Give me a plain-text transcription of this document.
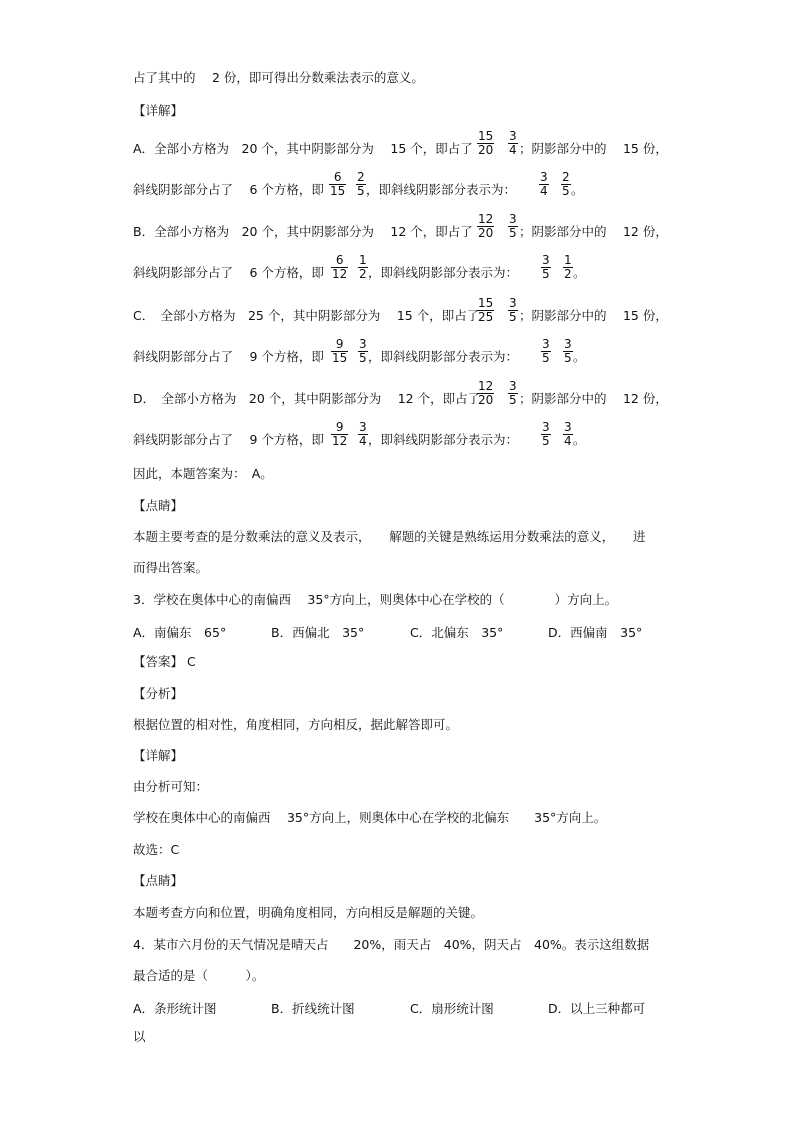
占了其中的　 2 份，即可得出分数乘法表示的意义。
【详解】
A．全部小方格为　20 个，其中阴影部分为　 15 个，即占了 $\frac{15}{20} \frac{3}{4}$ ；阴影部分中的　 15 份，
斜线阴影部分占了　 6 个方格，即 $\frac{6}{15} \frac{2}{5}$ ，即斜线阴影部分表示为： $\frac{3}{4} \frac{2}{5}$ 。
B．全部小方格为　20 个，其中阴影部分为　 12 个，即占了 $\frac{12}{20} \frac{3}{5}$ ；阴影部分中的　 12 份，
斜线阴影部分占了　 6 个方格，即 $\frac{6}{12} \frac{1}{2}$ ，即斜线阴影部分表示为： $\frac{3}{5} \frac{1}{2}$ 。
C．　全部小方格为　25 个，其中阴影部分为　 15 个，即占了
$\frac{15}{25} \frac{3}{5}$ ；阴影部分中的　 15 份，
斜线阴影部分占了　 9 个方格，即 $\frac{9}{15} \frac{3}{5}$ ，即斜线阴影部分表示为： $\frac{3}{5} \frac{3}{5}$ 。
D．　全部小方格为　20 个，其中阴影部分为　 12 个，即占了
$\frac{12}{20} \frac{3}{5}$ ；阴影部分中的　 12 份，
斜线阴影部分占了　 9 个方格，即 $\frac{9}{12} \frac{3}{4}$ ，即斜线阴影部分表示为： $\frac{3}{5} \frac{3}{4}$ 。
因此，本题答案为：　A。
【点睛】
本题主要考查的是分数乘法的意义及表示，　　解题的关键是熟练运用分数乘法的意义，　　进
而得出答案。
3．学校在奥体中心的南偏西　 35°方向上，则奥体中心在学校的（　　　　）方向上。
A．南偏东　65°	B．西偏北　35°	C．北偏东　35°	D．西偏南　35°
【答案】 C
【分析】
根据位置的相对性，角度相同，方向相反，据此解答即可。
【详解】
由分析可知：
学校在奥体中心的南偏西　 35°方向上，则奥体中心在学校的北偏东　　35°方向上。
故选：C
【点睛】
本题考查方向和位置，明确角度相同，方向相反是解题的关键。
4．某市六月份的天气情况是晴天占　　20%，雨天占　40%，阴天占　40%。表示这组数据
最合适的是（　　　）。
A．条形统计图	B．折线统计图	C．扇形统计图	D．以上三种都可
以
